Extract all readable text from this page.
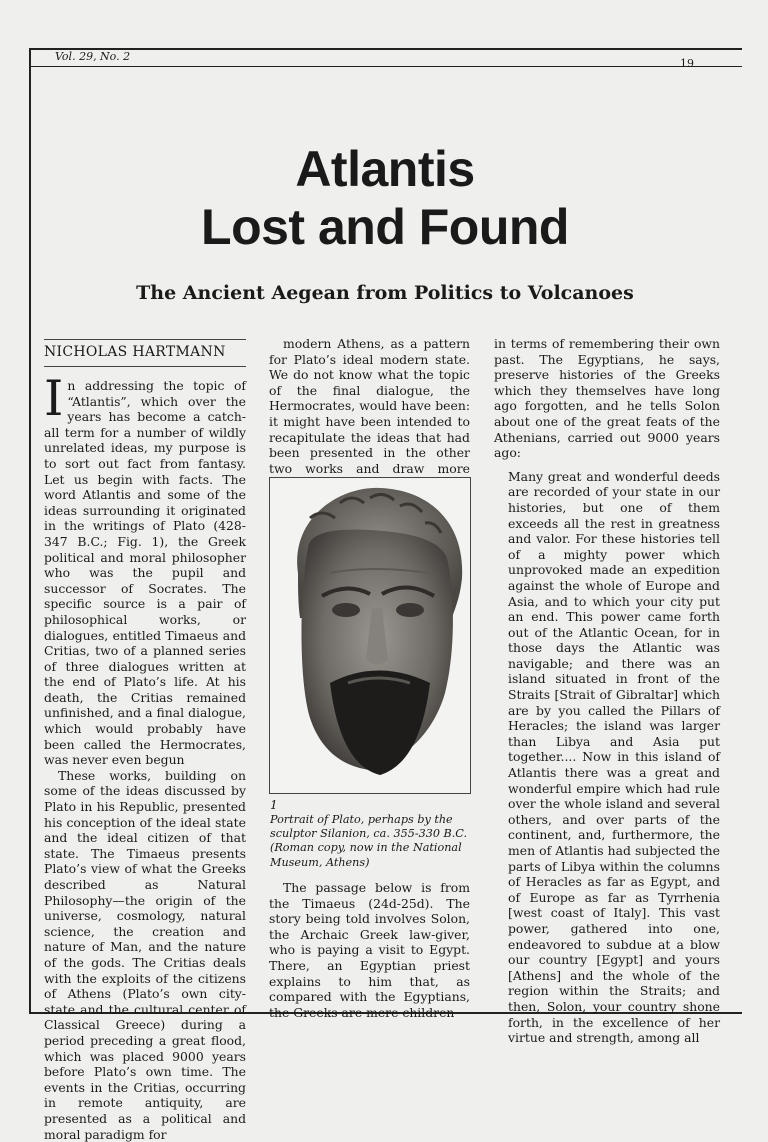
Vol. 29, No. 2
19
Atlantis
Lost and Found
The Ancient Aegean from Politics to Volcanoes
NICHOLAS HARTMANN

In addressing the topic of “Atlantis”, which over the years has become a catch-all term for a number of wildly unrelated ideas, my purpose is to sort out fact from fantasy. Let us begin with facts. The word Atlantis and some of the ideas surrounding it originated in the writings of Plato (428-347 B.C.; Fig. 1), the Greek political and moral philosopher who was the pupil and successor of Socrates. The specific source is a pair of philosophical works, or dialogues, entitled Timaeus and Critias, two of a planned series of three dialogues written at the end of Plato’s life. At his death, the Critias remained unfinished, and a final dialogue, which would probably have been called the Hermocrates, was never even begun

These works, building on some of the ideas discussed by Plato in his Republic, presented his conception of the ideal state and the ideal citizen of that state. The Timaeus presents Plato’s view of what the Greeks described as Natural Philosophy—the origin of the universe, cosmology, natural science, the creation and nature of Man, and the nature of the gods. The Critias deals with the exploits of the citizens of Athens (Plato’s own city-state and the cultural center of Classical Greece) during a period preceding a great flood, which was placed 9000 years before Plato’s own time. The events in the Critias, occurring in remote antiquity, are presented as a political and moral paradigm for

modern Athens, as a pattern for Plato’s ideal modern state. We do not know what the topic of the final dialogue, the Hermocrates, would have been: it might have been intended to recapitulate the ideas that had been presented in the other two works and draw more

1
Portrait of Plato, perhaps by the sculptor Silanion, ca. 355-330 B.C. (Roman copy, now in the National Museum, Athens)

The passage below is from the Timaeus (24d-25d). The story being told involves Solon, the Archaic Greek law-giver, who is paying a visit to Egypt. There, an Egyptian priest explains to him that, as compared with the Egyptians, the Greeks are mere children

in terms of remembering their own past. The Egyptians, he says, preserve histories of the Greeks which they themselves have long ago forgotten, and he tells Solon about one of the great feats of the Athenians, carried out 9000 years ago:

Many great and wonderful deeds are recorded of your state in our histories, but one of them exceeds all the rest in greatness and valor. For these histories tell of a mighty power which unprovoked made an expedition against the whole of Europe and Asia, and to which your city put an end. This power came forth out of the Atlantic Ocean, for in those days the Atlantic was navigable; and there was an island situated in front of the Straits [Strait of Gibraltar] which are by you called the Pillars of Heracles; the island was larger than Libya and Asia put together.... Now in this island of Atlantis there was a great and wonderful empire which had rule over the whole island and several others, and over parts of the continent, and, furthermore, the men of Atlantis had subjected the parts of Libya within the columns of Heracles as far as Egypt, and of Europe as far as Tyrrhenia [west coast of Italy]. This vast power, gathered into one, endeavored to subdue at a blow our country [Egypt] and yours [Athens] and the whole of the region within the Straits; and then, Solon, your country shone forth, in the excellence of her virtue and strength, among all
